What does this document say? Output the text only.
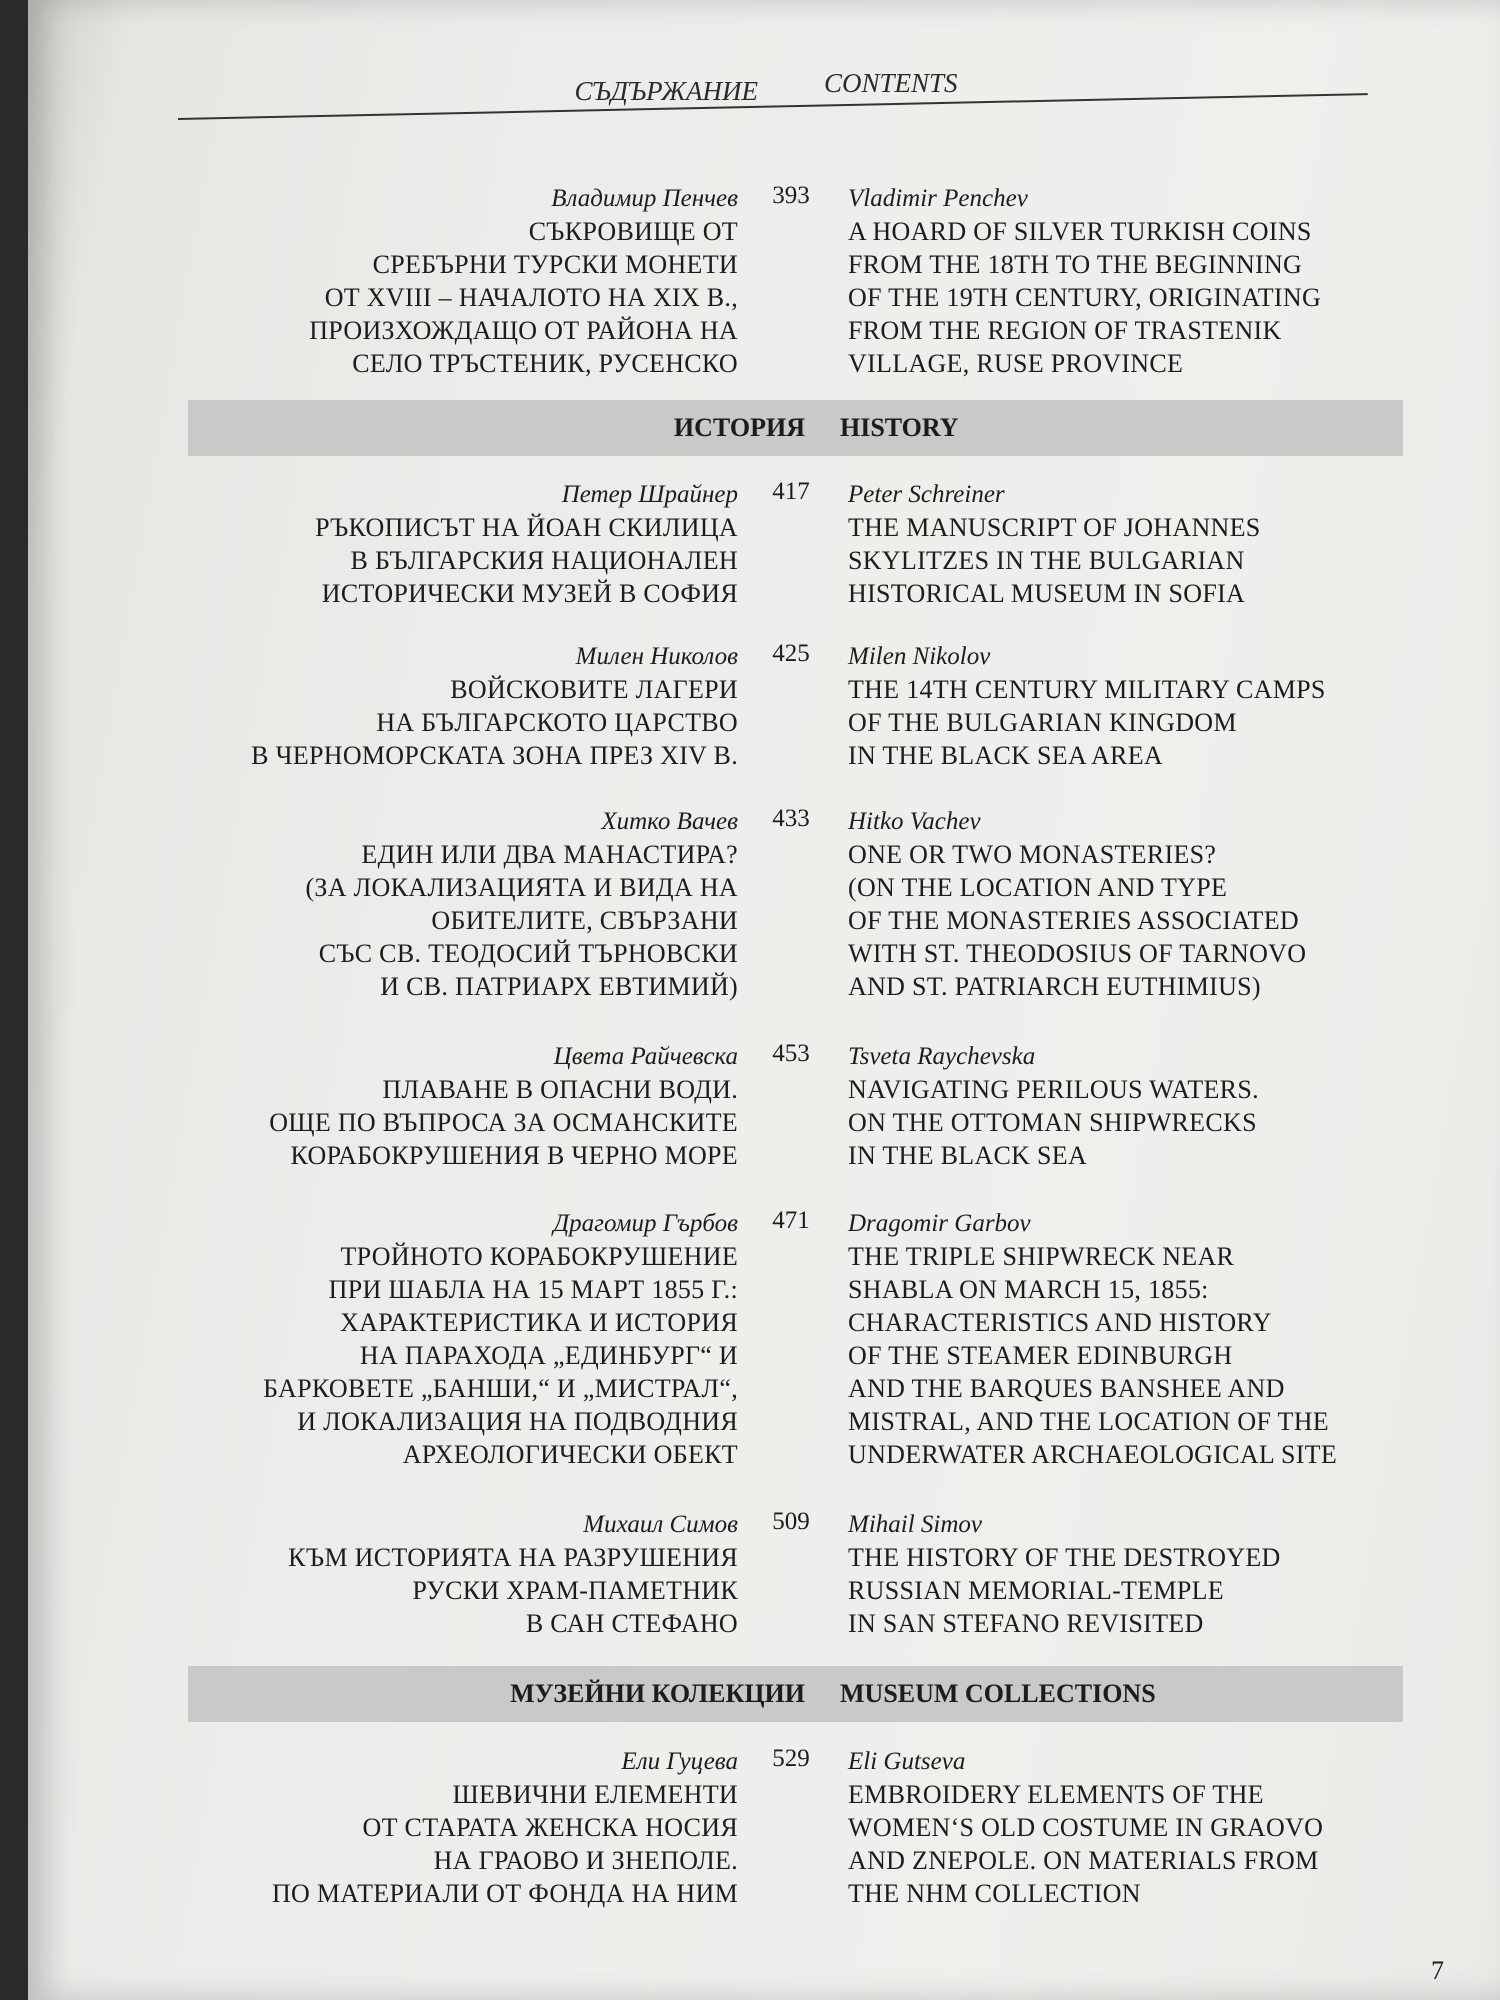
СЪДЪРЖАНИЕ CONTENTS
Владимир Пенчев
СЪКРОВИЩЕ ОТ
СРЕБЪРНИ ТУРСКИ МОНЕТИ
ОТ XVIII – НАЧАЛОТО НА XIX В.,
ПРОИЗХОЖДАЩО ОТ РАЙОНА НА
СЕЛО ТРЪСТЕНИК, РУСЕНСКО
393	Vladimir Penchev
A HOARD OF SILVER TURKISH COINS
FROM THE 18TH TO THE BEGINNING
OF THE 19TH CENTURY, ORIGINATING
FROM THE REGION OF TRASTENIK
VILLAGE, RUSE PROVINCE
ИСТОРИЯ HISTORY
Петер Шрайнер
РЪКОПИСЪТ НА ЙОАН СКИЛИЦА
В БЪЛГАРСКИЯ НАЦИОНАЛЕН
ИСТОРИЧЕСКИ МУЗЕЙ В СОФИЯ
417	Peter Schreiner
THE MANUSCRIPT OF JOHANNES
SKYLITZES IN THE BULGARIAN
HISTORICAL MUSEUM IN SOFIA
Милен Николов
ВОЙСКОВИТЕ ЛАГЕРИ
НА БЪЛГАРСКОТО ЦАРСТВО
В ЧЕРНОМОРСКАТА ЗОНА ПРЕЗ XIV В.
425	Milen Nikolov
THE 14TH CENTURY MILITARY CAMPS
OF THE BULGARIAN KINGDOM
IN THE BLACK SEA AREA
Хитко Вачев
ЕДИН ИЛИ ДВА МАНАСТИРА?
(ЗА ЛОКАЛИЗАЦИЯТА И ВИДА НА
ОБИТЕЛИТЕ, СВЪРЗАНИ
СЪС СВ. ТЕОДОСИЙ ТЪРНОВСКИ
И СВ. ПАТРИАРХ ЕВТИМИЙ)
433	Hitko Vachev
ONE OR TWO MONASTERIES?
(ON THE LOCATION AND TYPE
OF THE MONASTERIES ASSOCIATED
WITH ST. THEODOSIUS OF TARNOVO
AND ST. PATRIARCH EUTHIMIUS)
Цвета Райчевска
ПЛАВАНЕ В ОПАСНИ ВОДИ.
ОЩЕ ПО ВЪПРОСА ЗА ОСМАНСКИТЕ
КОРАБОКРУШЕНИЯ В ЧЕРНО МОРЕ
453	Tsveta Raychevska
NAVIGATING PERILOUS WATERS.
ON THE OTTOMAN SHIPWRECKS
IN THE BLACK SEA
Драгомир Гърбов
ТРОЙНОТО КОРАБОКРУШЕНИЕ
ПРИ ШАБЛА НА 15 МАРТ 1855 Г.:
ХАРАКТЕРИСТИКА И ИСТОРИЯ
НА ПАРАХОДА „ЕДИНБУРГ“ И
БАРКОВЕТЕ „БАНШИ,“ И „МИСТРАЛ“,
И ЛОКАЛИЗАЦИЯ НА ПОДВОДНИЯ
АРХЕОЛОГИЧЕСКИ ОБЕКТ
471	Dragomir Garbov
THE TRIPLE SHIPWRECK NEAR
SHABLA ON MARCH 15, 1855:
CHARACTERISTICS AND HISTORY
OF THE STEAMER EDINBURGH
AND THE BARQUES BANSHEE AND
MISTRAL, AND THE LOCATION OF THE
UNDERWATER ARCHAEOLOGICAL SITE
Михаил Симов
КЪМ ИСТОРИЯТА НА РАЗРУШЕНИЯ
РУСКИ ХРАМ-ПАМЕТНИК
В САН СТЕФАНО
509	Mihail Simov
THE HISTORY OF THE DESTROYED
RUSSIAN MEMORIAL-TEMPLE
IN SAN STEFANO REVISITED
МУЗЕЙНИ КОЛЕКЦИИ MUSEUM COLLECTIONS
Ели Гуцева
ШЕВИЧНИ ЕЛЕМЕНТИ
ОТ СТАРАТА ЖЕНСКА НОСИЯ
НА ГРАОВО И ЗНЕПОЛЕ.
ПО МАТЕРИАЛИ ОТ ФОНДА НА НИМ
529	Eli Gutseva
EMBROIDERY ELEMENTS OF THE
WOMEN‘S OLD COSTUME IN GRAOVO
AND ZNEPOLE. ON MATERIALS FROM
THE NHM COLLECTION
7
